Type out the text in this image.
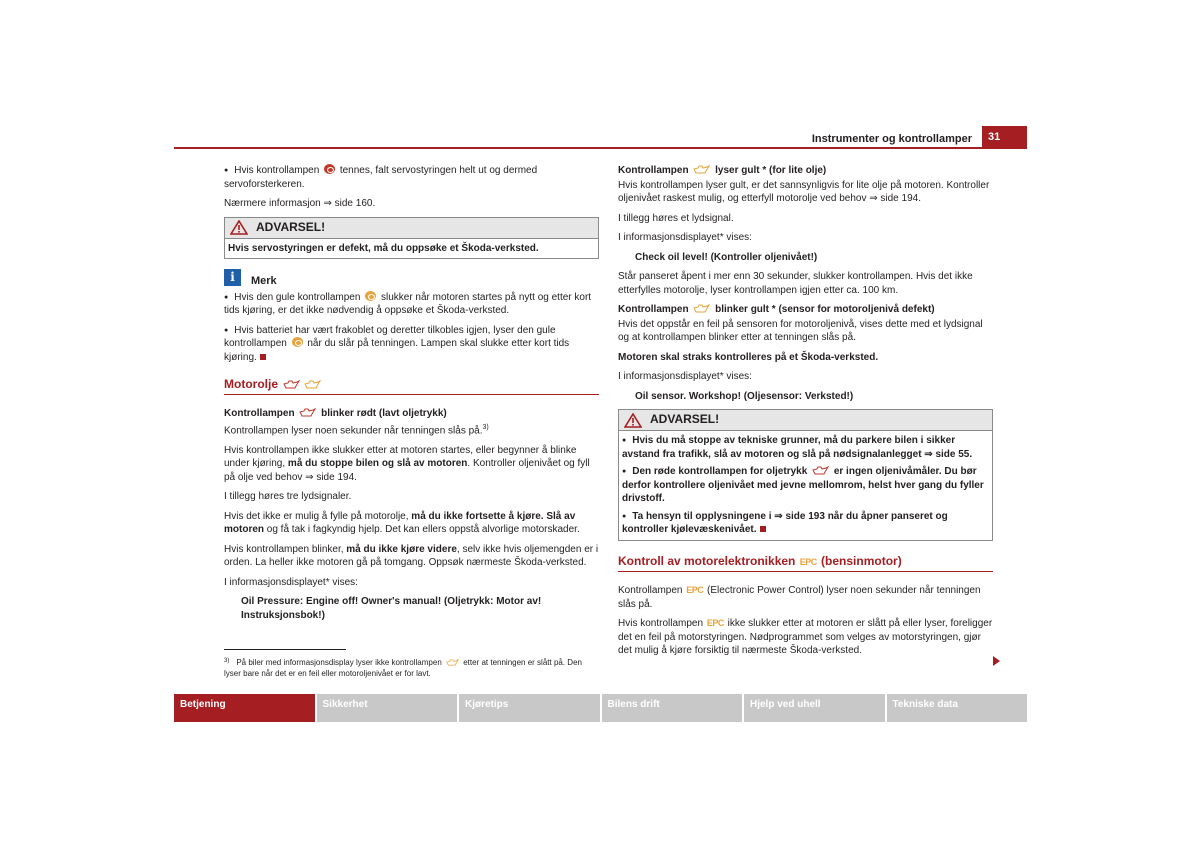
Instrumenter og kontrollamper	31

● Hvis kontrollampen  tennes, falt servostyringen helt ut og dermed servoforsterkeren.

Nærmere informasjon ⇒ side 160.

ADVARSEL!
Hvis servostyringen er defekt, må du oppsøke et Škoda-verksted.
i	Merk

● Hvis den gule kontrollampen  slukker når motoren startes på nytt og etter kort tids kjøring, er det ikke nødvendig å oppsøke et Škoda-verksted.

● Hvis batteriet har vært frakoblet og deretter tilkobles igjen, lyser den gule kontrollampen  når du slår på tenningen. Lampen skal slukke etter kort tids kjøring.

Motorolje

Kontrollampen  blinker rødt (lavt oljetrykk)

Kontrollampen lyser noen sekunder når tenningen slås på.$^{3)}$

Hvis kontrollampen ikke slukker etter at motoren startes, eller begynner å blinke under kjøring, må du stoppe bilen og slå av motoren. Kontroller oljenivået og fyll på olje ved behov ⇒ side 194.

I tillegg høres tre lydsignaler.

Hvis det ikke er mulig å fylle på motorolje, må du ikke fortsette å kjøre. Slå av motoren og få tak i fagkyndig hjelp. Det kan ellers oppstå alvorlige motorskader.

Hvis kontrollampen blinker, må du ikke kjøre videre, selv ikke hvis oljemengden er i orden. La heller ikke motoren gå på tomgang. Oppsøk nærmeste Škoda-verksted.

I informasjonsdisplayet* vises:

Oil Pressure: Engine off! Owner's manual! (Oljetrykk: Motor av! Instruksjonsbok!)

$^{3)}$ På biler med informasjonsdisplay lyser ikke kontrollampen  etter at tenningen er slått på. Den lyser bare når det er en feil eller motoroljenivået er for lavt.

Kontrollampen  lyser gult * (for lite olje)

Hvis kontrollampen lyser gult, er det sannsynligvis for lite olje på motoren. Kontroller oljenivået raskest mulig, og etterfyll motorolje ved behov ⇒ side 194.

I tillegg høres et lydsignal.

I informasjonsdisplayet* vises:

Check oil level! (Kontroller oljenivået!)

Står panseret åpent i mer enn 30 sekunder, slukker kontrollampen. Hvis det ikke etterfylles motorolje, lyser kontrollampen igjen etter ca. 100 km.

Kontrollampen  blinker gult * (sensor for motoroljenivå defekt)

Hvis det oppstår en feil på sensoren for motoroljenivå, vises dette med et lydsignal og at kontrollampen blinker etter at tenningen slås på.

Motoren skal straks kontrolleres på et Škoda-verksted.

I informasjonsdisplayet* vises:

Oil sensor. Workshop! (Oljesensor: Verksted!)

ADVARSEL!

● Hvis du må stoppe av tekniske grunner, må du parkere bilen i sikker avstand fra trafikk, slå av motoren og slå på nødsignalanlegget ⇒ side 55.

● Den røde kontrollampen for oljetrykk  er ingen oljenivåmåler. Du bør derfor kontrollere oljenivået med jevne mellomrom, helst hver gang du fyller drivstoff.

● Ta hensyn til opplysningene i ⇒ side 193 når du åpner panseret og kontroller kjølevæskenivået.

Kontroll av motorelektronikken EPC (bensinmotor)

Kontrollampen EPC (Electronic Power Control) lyser noen sekunder når tenningen slås på.

Hvis kontrollampen EPC ikke slukker etter at motoren er slått på eller lyser, foreligger det en feil på motorstyringen. Nødprogrammet som velges av motorstyringen, gjør det mulig å kjøre forsiktig til nærmeste Škoda-verksted.

Betjening	Sikkerhet	Kjøretips	Bilens drift	Hjelp ved uhell	Tekniske data
